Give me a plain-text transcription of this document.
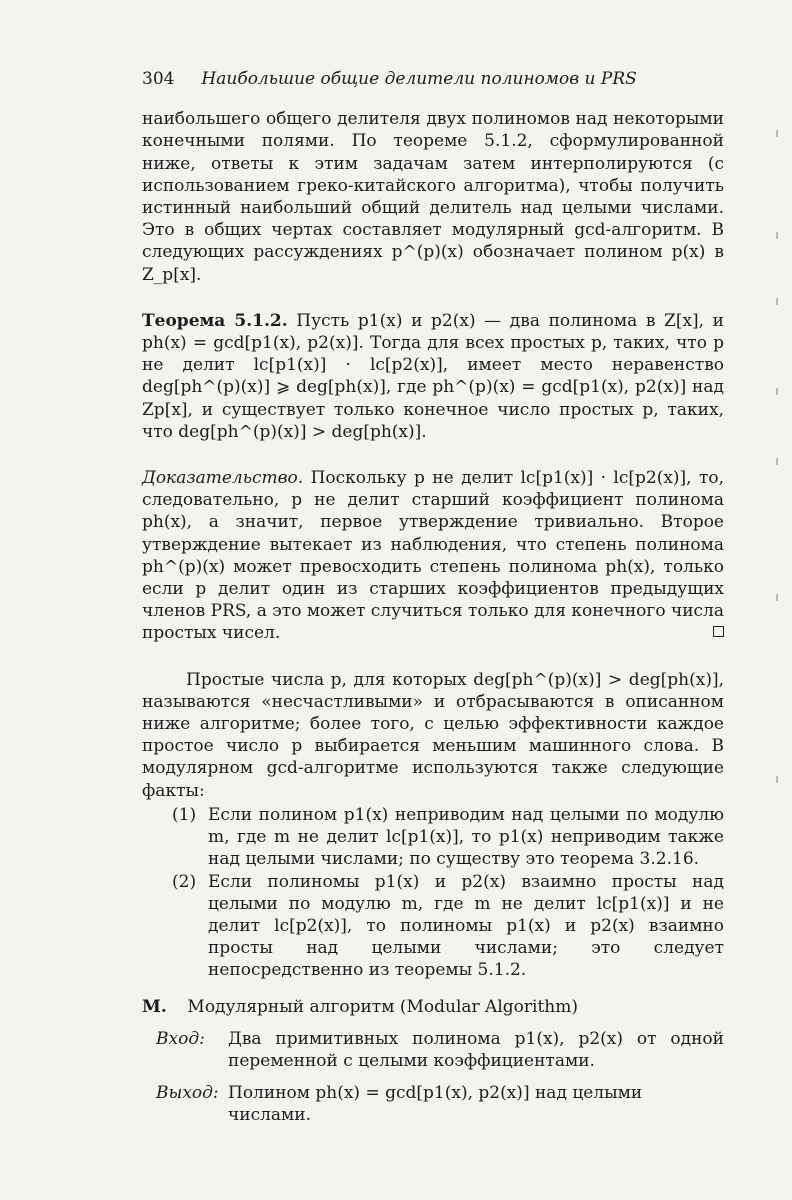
304 Наибольшие общие делители полиномов и PRS

наибольшего общего делителя двух полиномов над некоторыми конечными полями. По теореме 5.1.2, сформулированной ниже, ответы к этим задачам затем интерполируются (с использованием греко-китайского алгоритма), чтобы получить истинный наибольший общий делитель над целыми числами. Это в общих чертах составляет модулярный gcd-алгоритм. В следующих рассуждениях p^(p)(x) обозначает полином p(x) в Z_p[x].

Теорема 5.1.2. Пусть p1(x) и p2(x) — два полинома в Z[x], и ph(x) = gcd[p1(x), p2(x)]. Тогда для всех простых p, таких, что p не делит lc[p1(x)] · lc[p2(x)], имеет место неравенство deg[ph^(p)(x)] ⩾ deg[ph(x)], где ph^(p)(x) = gcd[p1(x), p2(x)] над Zp[x], и существует только конечное число простых p, таких, что deg[ph^(p)(x)] > deg[ph(x)].

Доказательство. Поскольку p не делит lc[p1(x)] · lc[p2(x)], то, следовательно, p не делит старший коэффициент полинома ph(x), а значит, первое утверждение тривиально. Второе утверждение вытекает из наблюдения, что степень полинома ph^(p)(x) может превосходить степень полинома ph(x), только если p делит один из старших коэффициентов предыдущих членов PRS, а это может случиться только для конечного числа простых чисел.

Простые числа p, для которых deg[ph^(p)(x)] > deg[ph(x)], называются «несчастливыми» и отбрасываются в описанном ниже алгоритме; более того, с целью эффективности каждое простое число p выбирается меньшим машинного слова. В модулярном gcd-алгоритме используются также следующие факты:

(1) Если полином p1(x) неприводим над целыми по модулю m, где m не делит lc[p1(x)], то p1(x) неприводим также над целыми числами; по существу это теорема 3.2.16.
(2) Если полиномы p1(x) и p2(x) взаимно просты над целыми по модулю m, где m не делит lc[p1(x)] и не делит lc[p2(x)], то полиномы p1(x) и p2(x) взаимно просты над целыми числами; это следует непосредственно из теоремы 5.1.2.
M. Модулярный алгоритм (Modular Algorithm)
Вход:	Два примитивных полинома p1(x), p2(x) от одной переменной с целыми коэффициентами.
Выход: Полином ph(x) = gcd[p1(x), p2(x)] над целыми числами.
